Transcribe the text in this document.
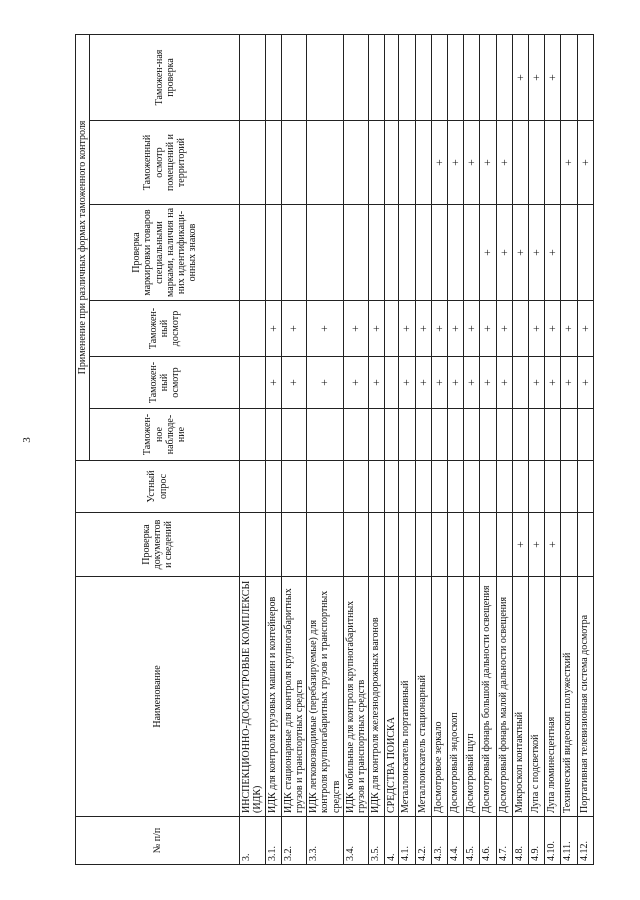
3
№ п/п	Наименование	Проверка документов и сведений	Устный опрос	Применение при различных формах таможенного контроля					
				Таможен-ное наблюде-ние	Таможен-ный осмотр	Таможен-ный досмотр	Проверка маркировки товаров специальными марками, наличия на них идентификаци-онных знаков	Таможенный осмотр помещений и территорий	Таможен-ная проверка
3.	ИНСПЕКЦИОННО-ДОСМОТРОВЫЕ КОМПЛЕКСЫ (ИДК)								
3.1.	ИДК для контроля грузовых машин и контейнеров				+	+			
3.2.	ИДК стационарные для контроля крупногабаритных грузов и транспортных средств				+	+			
3.3.	ИДК легковозводимые (перебазируемые) для контроля крупногабаритных грузов и транспортных средств				+	+			
3.4.	ИДК мобильные для контроля крупногабаритных грузов и транспортных средств				+	+			
3.5.	ИДК для контроля железнодорожных вагонов				+	+			
4.	СРЕДСТВА ПОИСКА								
4.1.	Металлоискатель портативный				+	+			
4.2.	Металлоискатель стационарный				+	+			
4.3.	Досмотровое зеркало				+	+		+	
4.4.	Досмотровый эндоскоп				+	+		+	
4.5.	Досмотровый щуп				+	+		+	
4.6.	Досмотровый фонарь большой дальности освещения				+	+	+	+	
4.7.	Досмотровый фонарь малой дальности освещения				+	+	+	+	
4.8.	Микроскоп контактный	+					+		+
4.9.	Лупа с подсветкой	+			+	+	+		+
4.10.	Лупа люминесцентная	+			+	+	+		+
4.11.	Технический видеоскоп полужесткий				+	+		+	
4.12.	Портативная телевизионная система досмотра				+	+		+	
